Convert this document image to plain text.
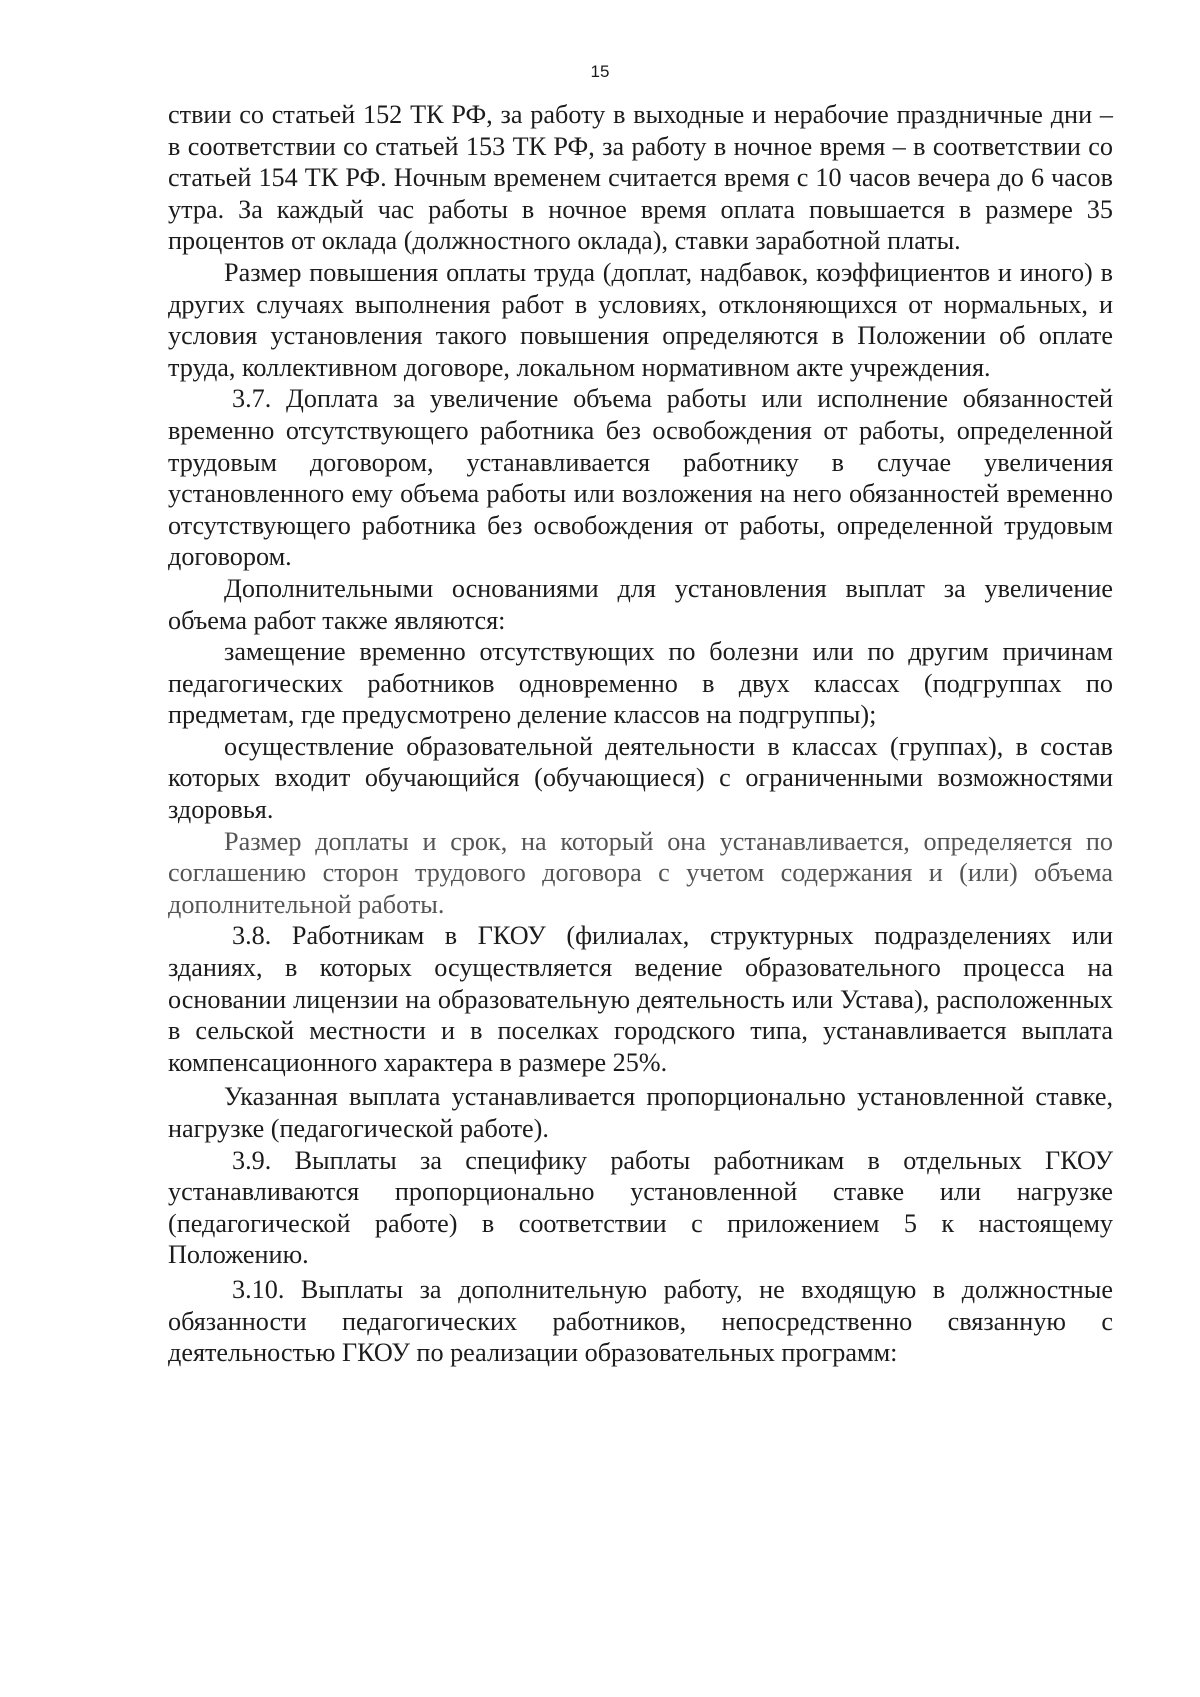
15

ствии со статьей 152 ТК РФ, за работу в выходные и нерабочие праздничные дни – в соответствии со статьей 153 ТК РФ, за работу в ночное время – в соответствии со статьей 154 ТК РФ. Ночным временем считается время с 10 часов вечера до 6 часов утра. За каждый час работы в ночное время оплата повышается в размере 35 процентов от оклада (должностного оклада), ставки заработной платы.

Размер повышения оплаты труда (доплат, надбавок, коэффициентов и иного) в других случаях выполнения работ в условиях, отклоняющихся от нормальных, и условия установления такого повышения определяются в Положении об оплате труда, коллективном договоре, локальном нормативном акте учреждения.

3.7. Доплата за увеличение объема работы или исполнение обязанностей временно отсутствующего работника без освобождения от работы, определенной трудовым договором, устанавливается работнику в случае увеличения установленного ему объема работы или возложения на него обязанностей временно отсутствующего работника без освобождения от работы, определенной трудовым договором.

Дополнительными основаниями для установления выплат за увеличение объема работ также являются:

замещение временно отсутствующих по болезни или по другим причинам педагогических работников одновременно в двух классах (подгруппах по предметам, где предусмотрено деление классов на подгруппы);

осуществление образовательной деятельности в классах (группах), в состав которых входит обучающийся (обучающиеся) с ограниченными возможностями здоровья.

Размер доплаты и срок, на который она устанавливается, определяется по соглашению сторон трудового договора с учетом содержания и (или) объема дополнительной работы.

3.8. Работникам в ГКОУ (филиалах, структурных подразделениях или зданиях, в которых осуществляется ведение образовательного процесса на основании лицензии на образовательную деятельность или Устава), расположенных в сельской местности и в поселках городского типа, устанавливается выплата компенсационного характера в размере 25%.

Указанная выплата устанавливается пропорционально установленной ставке, нагрузке (педагогической работе).

3.9. Выплаты за специфику работы работникам в отдельных ГКОУ устанавливаются пропорционально установленной ставке или нагрузке (педагогической работе) в соответствии с приложением 5 к настоящему Положению.

3.10. Выплаты за дополнительную работу, не входящую в должностные обязанности педагогических работников, непосредственно связанную с деятельностью ГКОУ по реализации образовательных программ:
